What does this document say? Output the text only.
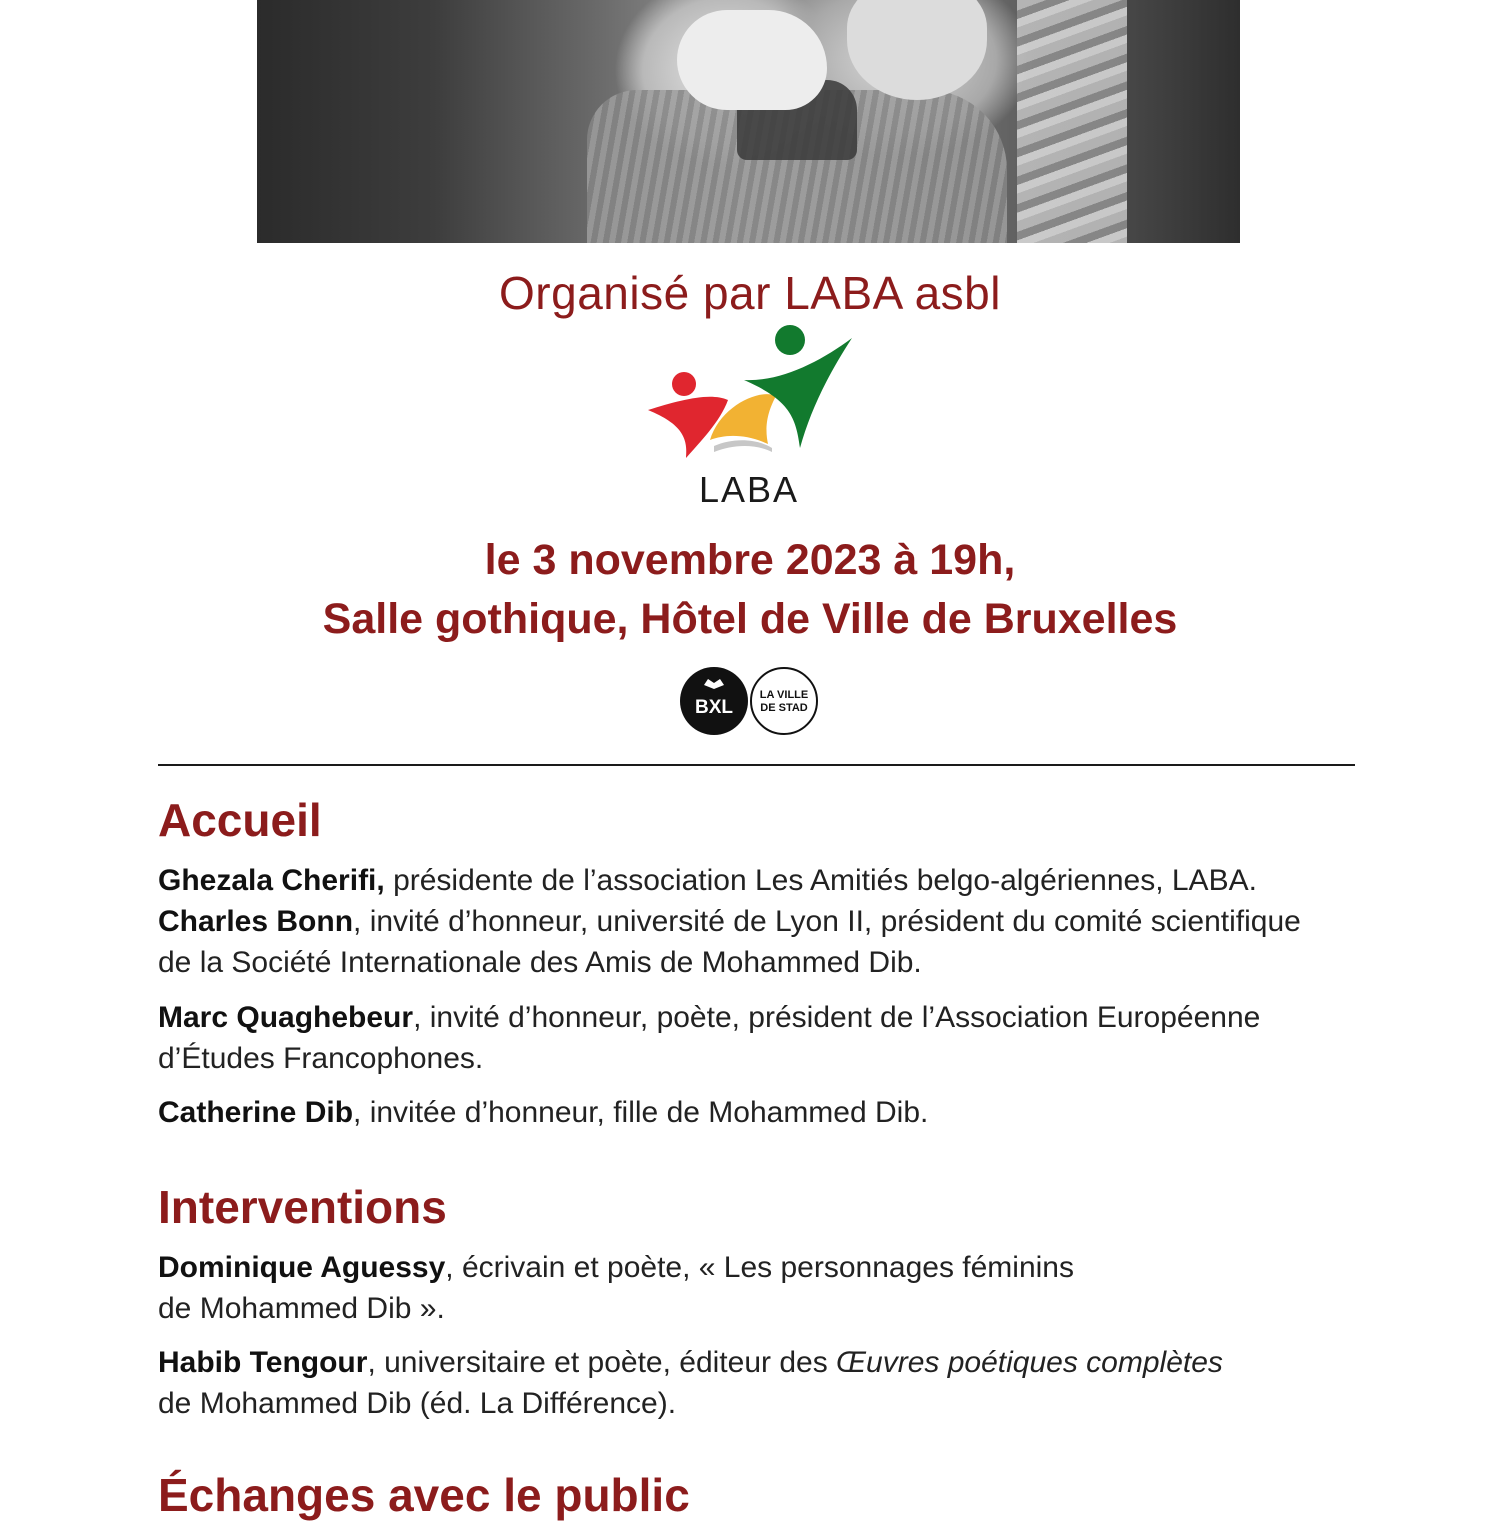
Organisé par LABA asbl
LABA
le 3 novembre 2023 à 19h,
Salle gothique, Hôtel de Ville de Bruxelles
BXL
LA VILLE
DE STAD
Accueil
Ghezala Cherifi, présidente de l’association Les Amitiés belgo-algériennes, LABA.
Charles Bonn, invité d’honneur, université de Lyon II, président du comité scientifique de la Société Internationale des Amis de Mohammed Dib.
Marc Quaghebeur, invité d’honneur, poète, président de l’Association Européenne d’Études Francophones.
Catherine Dib, invitée d’honneur, fille de Mohammed Dib.
Interventions
Dominique Aguessy, écrivain et poète, « Les personnages féminins
de Mohammed Dib ».
Habib Tengour, universitaire et poète, éditeur des Œuvres poétiques complètes
de Mohammed Dib (éd. La Différence).
Échanges avec le public
